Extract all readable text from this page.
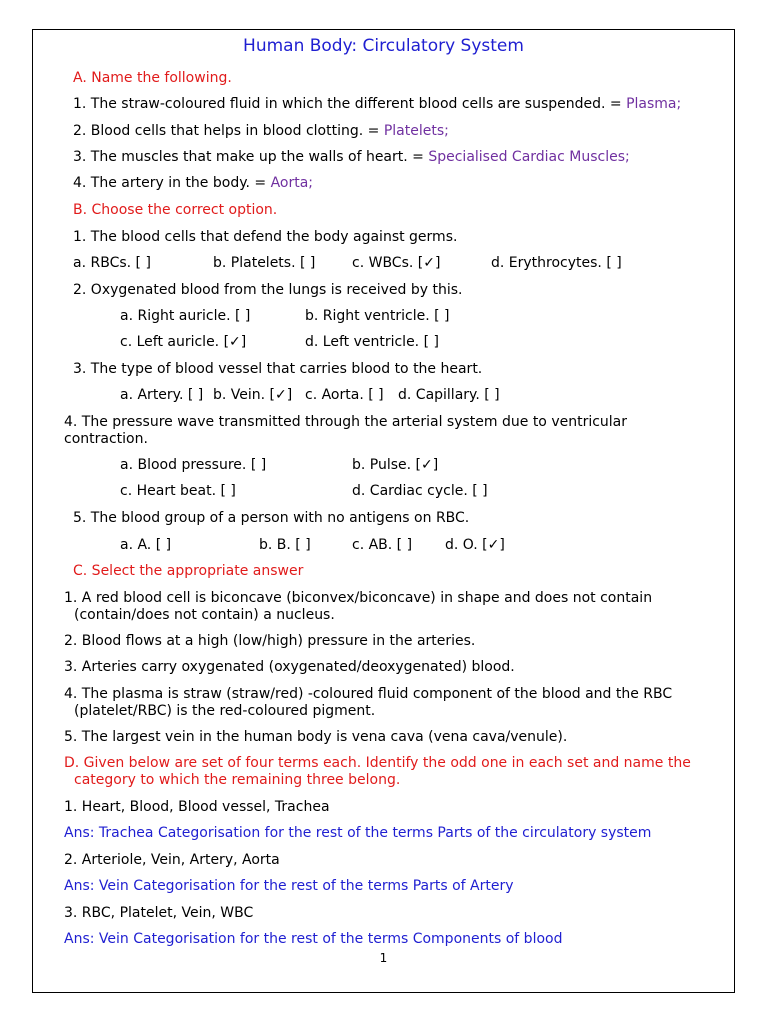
Human Body: Circulatory System

A. Name the following.

1. The straw-coloured fluid in which the different blood cells are suspended. = Plasma;

2. Blood cells that helps in blood clotting. = Platelets;

3. The muscles that make up the walls of heart. = Specialised Cardiac Muscles;

4. The artery in the body. = Aorta;

B. Choose the correct option.

1. The blood cells that defend the body against germs.

a. RBCs. [ ]	b. Platelets. [ ]	c. WBCs. [✓]	d. Erythrocytes. [ ]

2. Oxygenated blood from the lungs is received by this.

a. Right auricle. [ ]	b. Right ventricle. [ ]

c. Left auricle. [✓]	d. Left ventricle. [ ]

3. The type of blood vessel that carries blood to the heart.

a. Artery. [ ] b. Vein. [✓] c. Aorta. [ ] d. Capillary. [ ]

4. The pressure wave transmitted through the arterial system due to ventricular contraction.

a. Blood pressure. [ ]	b. Pulse. [✓]

c. Heart beat. [ ]	d. Cardiac cycle. [ ]

5. The blood group of a person with no antigens on RBC.

a. A. [ ]	b. B. [ ]	c. AB. [ ] d. O. [✓]

C. Select the appropriate answer

1. A red blood cell is biconcave (biconvex/biconcave) in shape and does not contain (contain/does not contain) a nucleus.

2. Blood flows at a high (low/high) pressure in the arteries.

3. Arteries carry oxygenated (oxygenated/deoxygenated) blood.

4. The plasma is straw (straw/red) -coloured fluid component of the blood and the RBC (platelet/RBC) is the red-coloured pigment.

5. The largest vein in the human body is vena cava (vena cava/venule).

D. Given below are set of four terms each. Identify the odd one in each set and name the category to which the remaining three belong.

1. Heart, Blood, Blood vessel, Trachea

Ans: Trachea Categorisation for the rest of the terms Parts of the circulatory system

2. Arteriole, Vein, Artery, Aorta

Ans: Vein Categorisation for the rest of the terms Parts of Artery

3. RBC, Platelet, Vein, WBC

Ans: Vein Categorisation for the rest of the terms Components of blood

1
